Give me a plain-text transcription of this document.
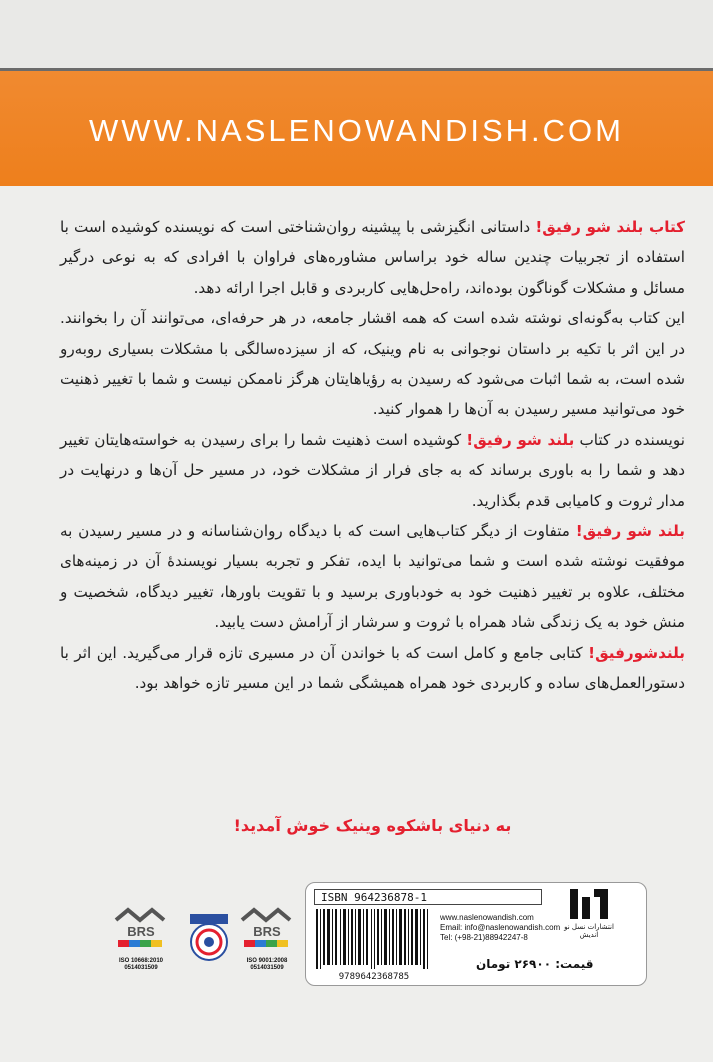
WWW.NASLENOWANDISH.COM

کتاب بلند شو رفیق! داستانی انگیزشی با پیشینه روان‌شناختی است که نویسنده کوشیده است با استفاده از تجربیات چندین ساله خود براساس مشاوره‌های فراوان با افرادی که به نوعی درگیر مسائل و مشکلات گوناگون بوده‌اند، راه‌حل‌هایی کاربردی و قابل اجرا ارائه دهد.

این کتاب به‌گونه‌ای نوشته شده است که همه اقشار جامعه، در هر حرفه‌ای، می‌توانند آن را بخوانند. در این اثر با تکیه بر داستان نوجوانی به نام وینیک، که از سیزده‌سالگی با مشکلات بسیاری روبه‌رو شده است، به شما اثبات می‌شود که رسیدن به رؤیاهایتان هرگز ناممکن نیست و شما با تغییر ذهنیت خود می‌توانید مسیر رسیدن به آن‌ها را هموار کنید.

نویسنده در کتاب بلند شو رفیق! کوشیده است ذهنیت شما را برای رسیدن به خواسته‌هایتان تغییر دهد و شما را به باوری برساند که به جای فرار از مشکلات خود، در مسیر حل آن‌ها و درنهایت در مدار ثروت و کامیابی قدم بگذارید.

بلند شو رفیق! متفاوت از دیگر کتاب‌هایی است که با دیدگاه روان‌شناسانه و در مسیر رسیدن به موفقیت نوشته شده است و شما می‌توانید با ایده، تفکر و تجربه بسیار نویسندۀ آن در زمینه‌های مختلف، علاوه بر تغییر ذهنیت خود به خودباوری برسید و با تقویت باورها، تغییر دیدگاه، شخصیت و منش خود به یک زندگی شاد همراه با ثروت و سرشار از آرامش دست یابید.

بلندشورفیق! کتابی جامع و کامل است که با خواندن آن در مسیری تازه قرار می‌گیرید. این اثر با دستورالعمل‌های ساده و کاربردی خود همراه همیشگی شما در این مسیر تازه خواهد بود.

به دنیای باشکوه وینیک خوش آمدید!
BRS
ISO 10668:2010
0514031509
BRS
ISO 9001:2008
0514031509
ISBN 964236878-1
9789642368785
انتشارات نسل نو اندیش
www.naslenowandish.com
Email: info@naslenowandish.com
Tel: (+98-21)88942247-8
قیمت: ۲۶۹۰۰ تومان
